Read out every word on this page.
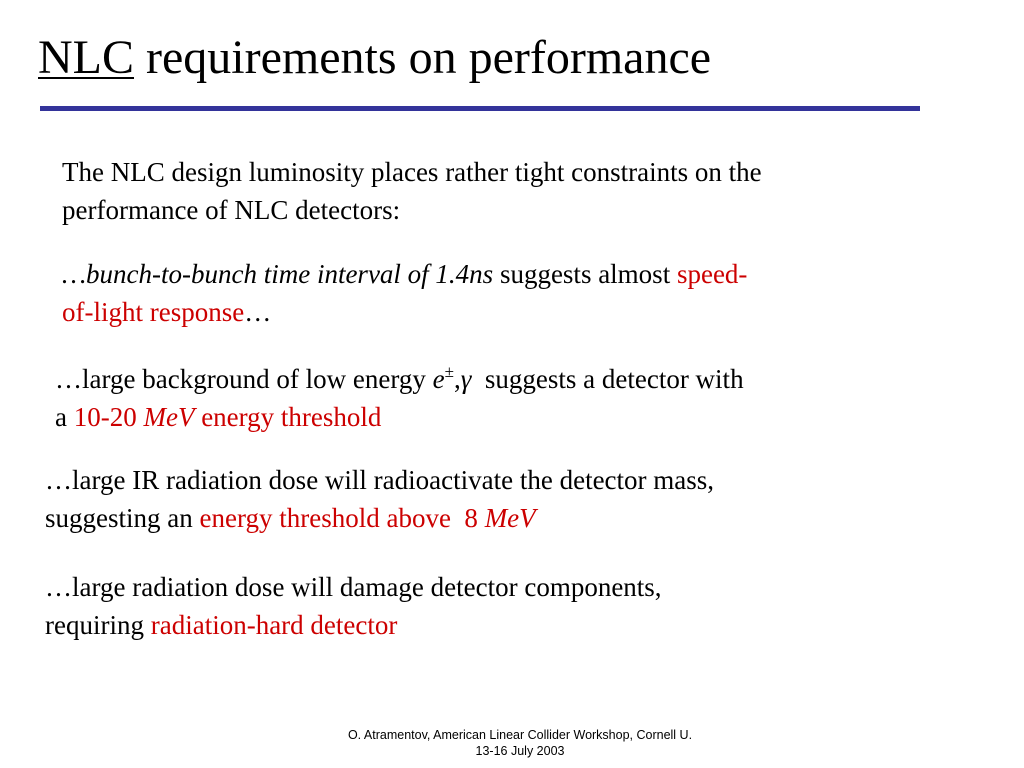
NLC requirements on performance
The NLC design luminosity places rather tight constraints on the
performance of NLC detectors:
…bunch-to-bunch time interval of 1.4ns suggests almost speed-
of-light response…
…large background of low energy e±,γ  suggests a detector with
a 10-20 MeV energy threshold
…large IR radiation dose will radioactivate the detector mass,
suggesting an energy threshold above  8 MeV
…large radiation dose will damage detector components,
requiring radiation-hard detector
O. Atramentov, American Linear Collider Workshop, Cornell U.
13-16 July 2003
